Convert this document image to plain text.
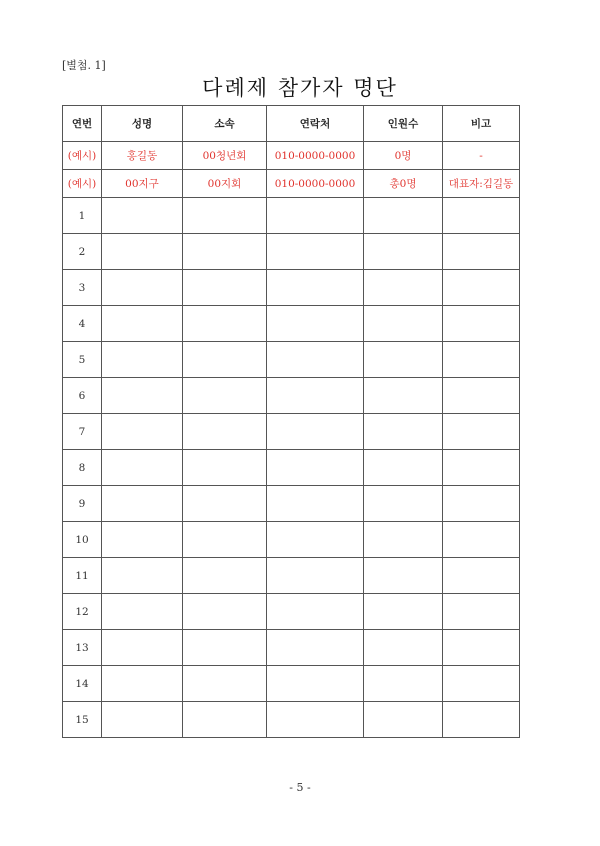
[별첨. 1]
다례제 참가자 명단
연번	성명	소속	연락처	인원수	비고
(예시)	홍길동	00청년회	010-0000-0000	0명	-
(예시)	00지구	00지회	010-0000-0000	총0명	대표자:김길동
1					
2					
3					
4					
5					
6					
7					
8					
9					
10					
11					
12					
13					
14					
15					
- 5 -
